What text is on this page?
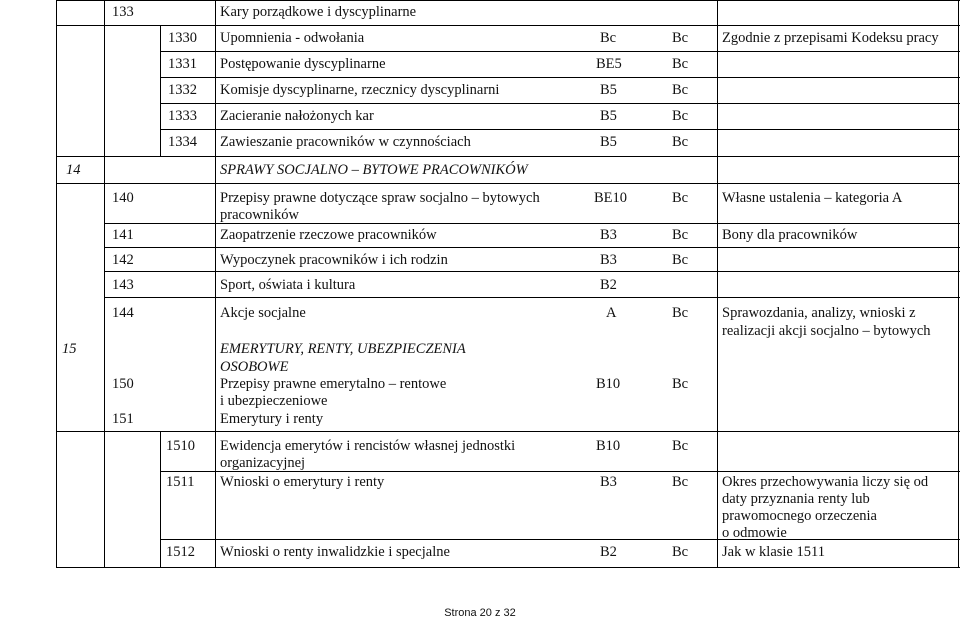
133	Kary porządkowe i dyscyplinarne
1330 Upomnienia - odwołania	Bc	Bc Zgodnie z przepisami Kodeksu pracy
1331 Postępowanie dyscyplinarne	BE5	Bc
1332 Komisje dyscyplinarne, rzecznicy dyscyplinarni	B5	Bc
1333 Zacieranie nałożonych kar	B5	Bc
1334 Zawieszanie pracowników w czynnościach	B5	Bc
14	SPRAWY SOCJALNO – BYTOWE PRACOWNIKÓW
140	Przepisy prawne dotyczące spraw socjalno – bytowych
pracowników
BE10	Bc Własne ustalenia – kategoria A
141	Zaopatrzenie rzeczowe pracowników	B3	Bc Bony dla pracowników
142	Wypoczynek pracowników i ich rodzin	B3	Bc
143	Sport, oświata i kultura	B2
144	Akcje socjalne	A	Bc Sprawozdania, analizy, wnioski z
realizacji akcji socjalno – bytowych
15	EMERYTURY, RENTY, UBEZPIECZENIA
OSOBOWE
150	Przepisy prawne emerytalno – rentowe
i ubezpieczeniowe
B10	Bc
151	Emerytury i renty
1510 Ewidencja emerytów i rencistów własnej jednostki
organizacyjnej
B10	Bc
1511 Wnioski o emerytury i renty	B3	Bc Okres przechowywania liczy się od
daty przyznania renty lub
prawomocnego orzeczenia
o odmowie
1512 Wnioski o renty inwalidzkie i specjalne	B2	Bc Jak w klasie 1511
Strona 20 z 32
